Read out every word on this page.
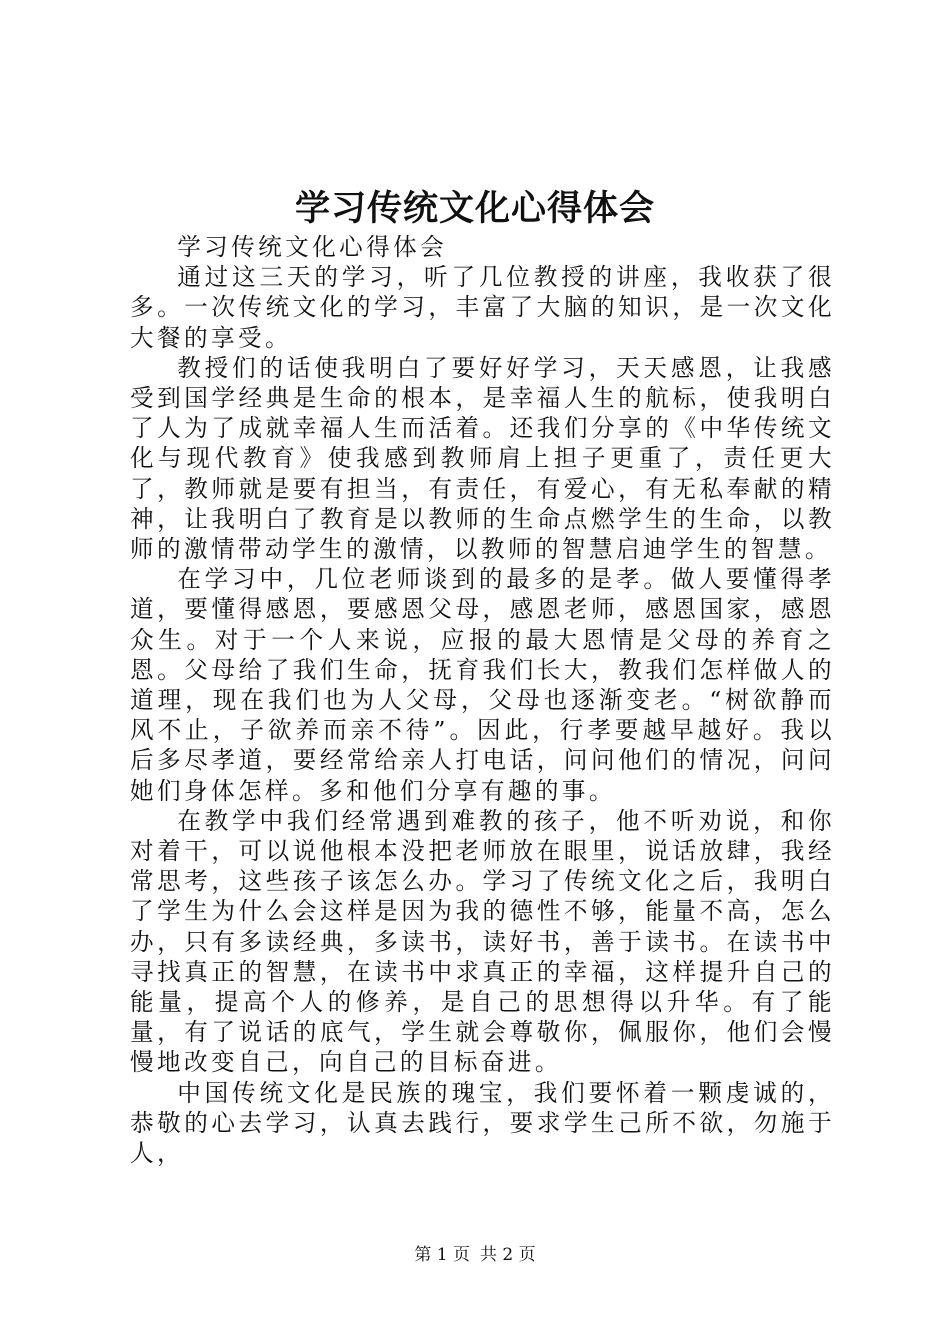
学习传统文化心得体会

学习传统文化心得体会

通过这三天的学习，听了几位教授的讲座，我收获了很多。一次传统文化的学习，丰富了大脑的知识，是一次文化大餐的享受。

教授们的话使我明白了要好好学习，天天感恩，让我感受到国学经典是生命的根本，是幸福人生的航标，使我明白了人为了成就幸福人生而活着。还我们分享的《中华传统文化与现代教育》使我感到教师肩上担子更重了，责任更大了，教师就是要有担当，有责任，有爱心，有无私奉献的精神，让我明白了教育是以教师的生命点燃学生的生命，以教师的激情带动学生的激情，以教师的智慧启迪学生的智慧。

在学习中，几位老师谈到的最多的是孝。做人要懂得孝道，要懂得感恩，要感恩父母，感恩老师，感恩国家，感恩众生。对于一个人来说，应报的最大恩情是父母的养育之恩。父母给了我们生命，抚育我们长大，教我们怎样做人的道理，现在我们也为人父母，父母也逐渐变老。“树欲静而风不止，子欲养而亲不待”。因此，行孝要越早越好。我以后多尽孝道，要经常给亲人打电话，问问他们的情况，问问她们身体怎样。多和他们分享有趣的事。

在教学中我们经常遇到难教的孩子，他不听劝说，和你对着干，可以说他根本没把老师放在眼里，说话放肆，我经常思考，这些孩子该怎么办。学习了传统文化之后，我明白了学生为什么会这样是因为我的德性不够，能量不高，怎么办，只有多读经典，多读书，读好书，善于读书。在读书中寻找真正的智慧，在读书中求真正的幸福，这样提升自己的能量，提高个人的修养，是自己的思想得以升华。有了能量，有了说话的底气，学生就会尊敬你，佩服你，他们会慢慢地改变自己，向自己的目标奋进。

中国传统文化是民族的瑰宝，我们要怀着一颗虔诚的，恭敬的心去学习，认真去践行，要求学生己所不欲，勿施于人，

第 1 页 共 2 页
